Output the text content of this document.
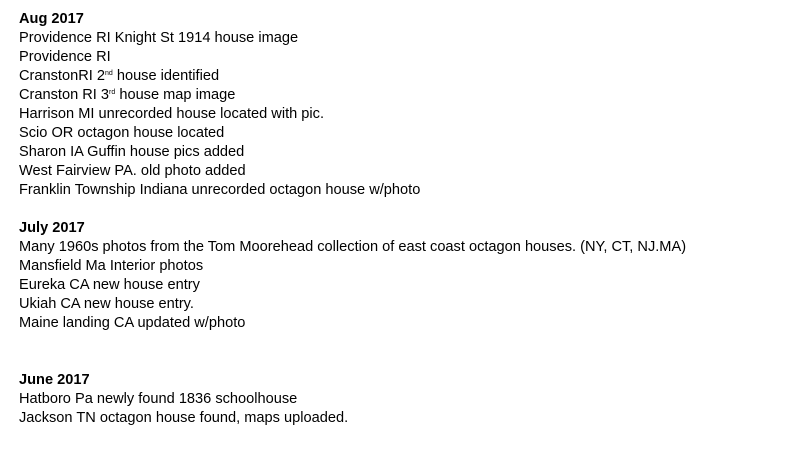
Aug 2017
Providence RI Knight St 1914 house image
Providence RI
CranstonRI 2nd house identified
Cranston RI 3rd house map image
Harrison MI unrecorded house located with pic.
Scio OR octagon house located
Sharon IA Guffin house pics added
West Fairview PA. old photo added
Franklin Township Indiana unrecorded octagon house w/photo
July 2017
Many 1960s photos from the Tom Moorehead collection of east coast octagon houses. (NY, CT, NJ.MA)
Mansfield Ma Interior photos
Eureka CA new house entry
Ukiah CA new house entry.
Maine landing CA updated w/photo
June 2017
Hatboro Pa newly found 1836 schoolhouse
Jackson TN octagon house found, maps uploaded.
